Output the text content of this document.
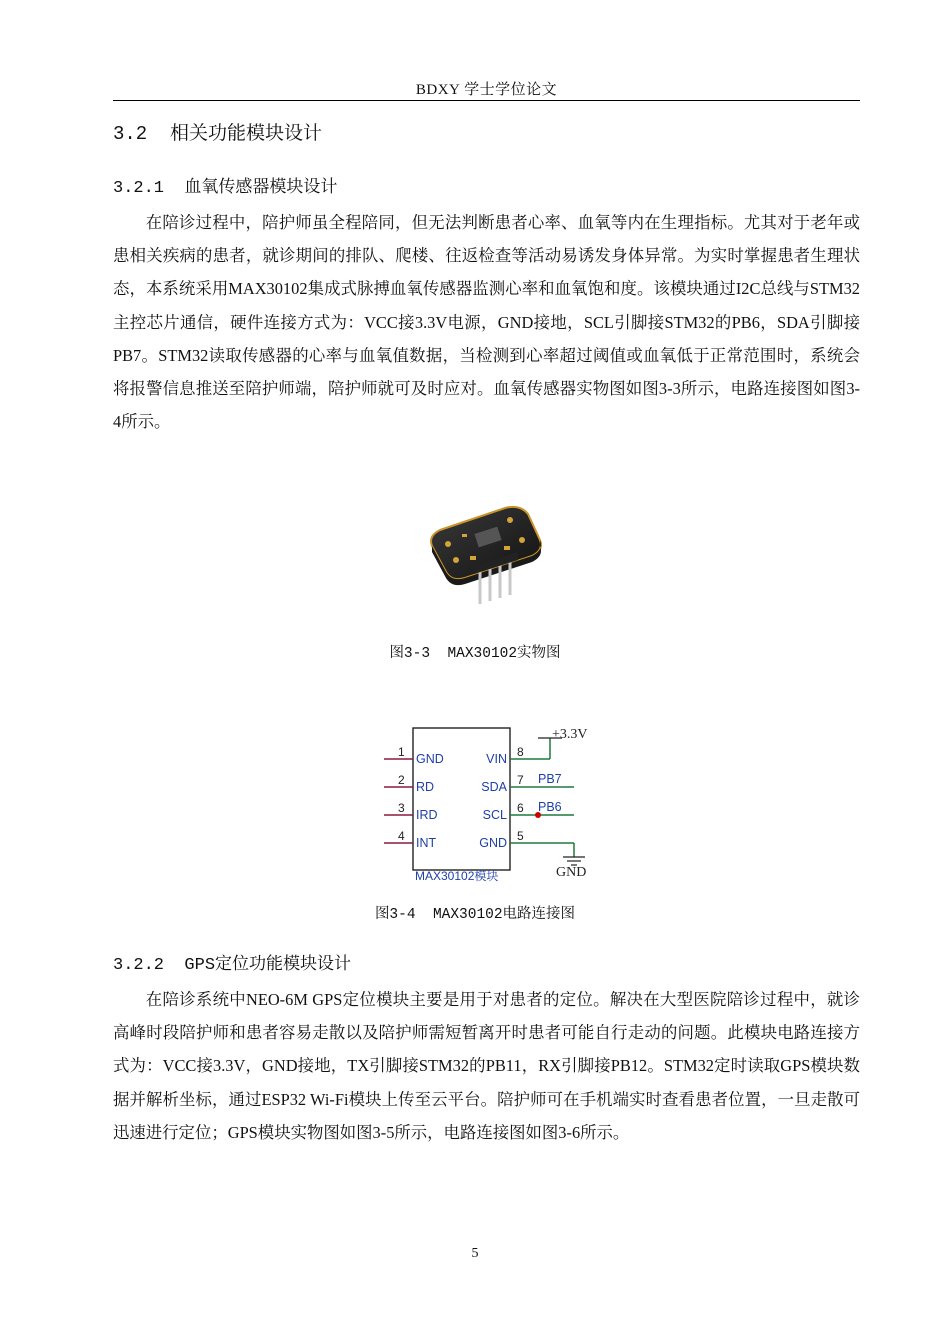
BDXY 学士学位论文
3.2  相关功能模块设计
3.2.1  血氧传感器模块设计

在陪诊过程中，陪护师虽全程陪同，但无法判断患者心率、血氧等内在生理指标。尤其对于老年或患相关疾病的患者，就诊期间的排队、爬楼、往返检查等活动易诱发身体异常。为实时掌握患者生理状态，本系统采用MAX30102集成式脉搏血氧传感器监测心率和血氧饱和度。该模块通过I2C总线与STM32主控芯片通信，硬件连接方式为：VCC接3.3V电源，GND接地，SCL引脚接STM32的PB6，SDA引脚接PB7。STM32读取传感器的心率与血氧值数据，当检测到心率超过阈值或血氧低于正常范围时，系统会将报警信息推送至陪护师端，陪护师就可及时应对。血氧传感器实物图如图3-3所示，电路连接图如图3-4所示。

图3-3  MAX30102实物图
1
2
3
4
8
7
6
5
GND
RD
IRD
INT
VIN
SDA
SCL
GND
PB7
PB6
MAX30102模块
+3.3V
GND
图3-4  MAX30102电路连接图
3.2.2  GPS定位功能模块设计

在陪诊系统中NEO-6M GPS定位模块主要是用于对患者的定位。解决在大型医院陪诊过程中，就诊高峰时段陪护师和患者容易走散以及陪护师需短暂离开时患者可能自行走动的问题。此模块电路连接方式为：VCC接3.3V，GND接地，TX引脚接STM32的PB11，RX引脚接PB12。STM32定时读取GPS模块数据并解析坐标，通过ESP32 Wi-Fi模块上传至云平台。陪护师可在手机端实时查看患者位置，一旦走散可迅速进行定位；GPS模块实物图如图3-5所示，电路连接图如图3-6所示。

5
